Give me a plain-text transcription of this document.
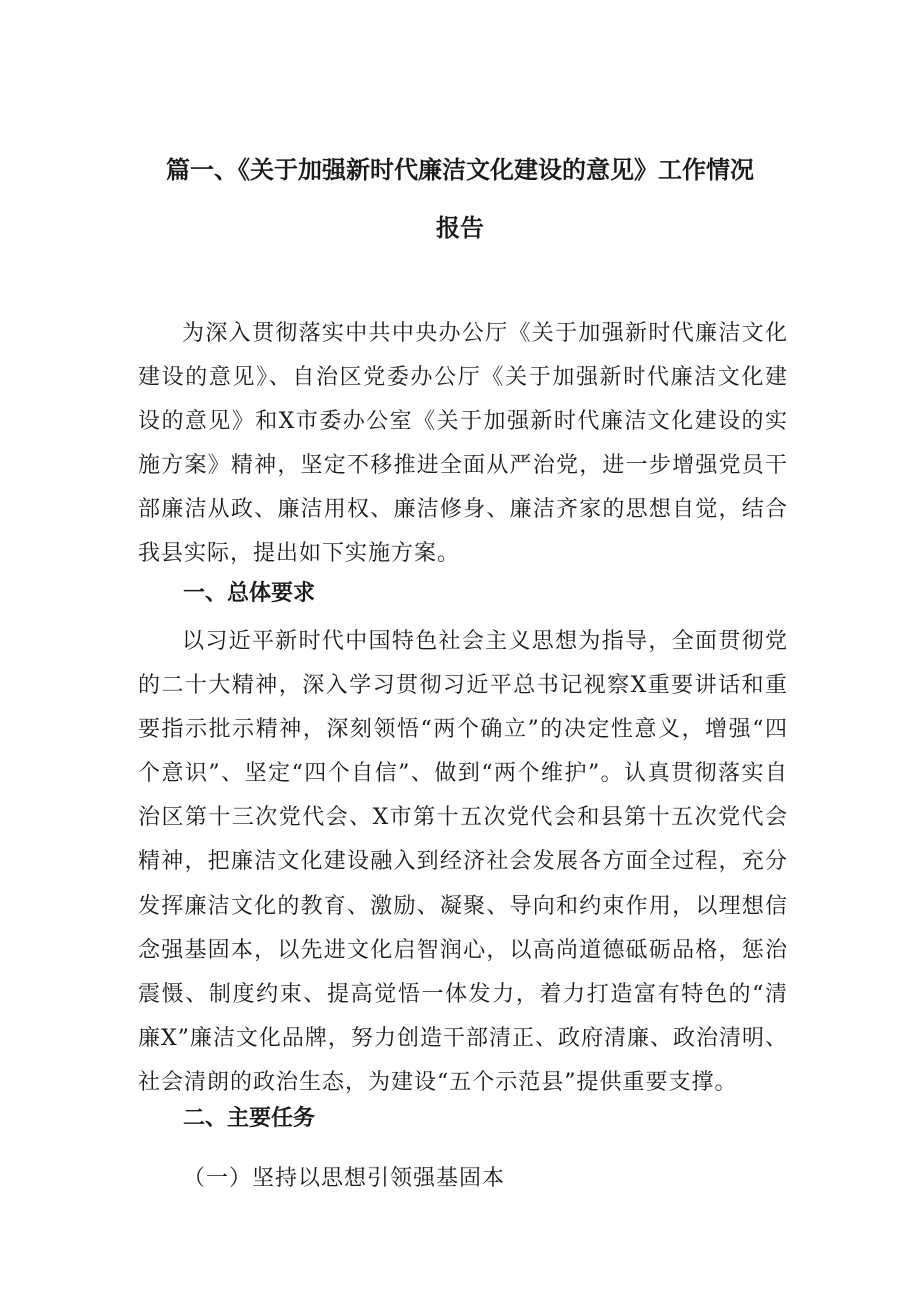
篇一、《关于加强新时代廉洁文化建设的意见》工作情况
报告
为深入贯彻落实中共中央办公厅《关于加强新时代廉洁文化建设的意见》、自治区党委办公厅《关于加强新时代廉洁文化建设的意见》和X市委办公室《关于加强新时代廉洁文化建设的实施方案》精神，坚定不移推进全面从严治党，进一步增强党员干部廉洁从政、廉洁用权、廉洁修身、廉洁齐家的思想自觉，结合我县实际，提出如下实施方案。
一、总体要求
以习近平新时代中国特色社会主义思想为指导，全面贯彻党的二十大精神，深入学习贯彻习近平总书记视察X重要讲话和重要指示批示精神，深刻领悟“两个确立”的决定性意义，增强“四个意识”、坚定“四个自信”、做到“两个维护”。认真贯彻落实自治区第十三次党代会、X市第十五次党代会和县第十五次党代会精神，把廉洁文化建设融入到经济社会发展各方面全过程，充分发挥廉洁文化的教育、激励、凝聚、导向和约束作用，以理想信念强基固本，以先进文化启智润心，以高尚道德砥砺品格，惩治震慑、制度约束、提高觉悟一体发力，着力打造富有特色的“清廉X”廉洁文化品牌，努力创造干部清正、政府清廉、政治清明、社会清朗的政治生态，为建设“五个示范县”提供重要支撑。
二、主要任务
（一）坚持以思想引领强基固本
